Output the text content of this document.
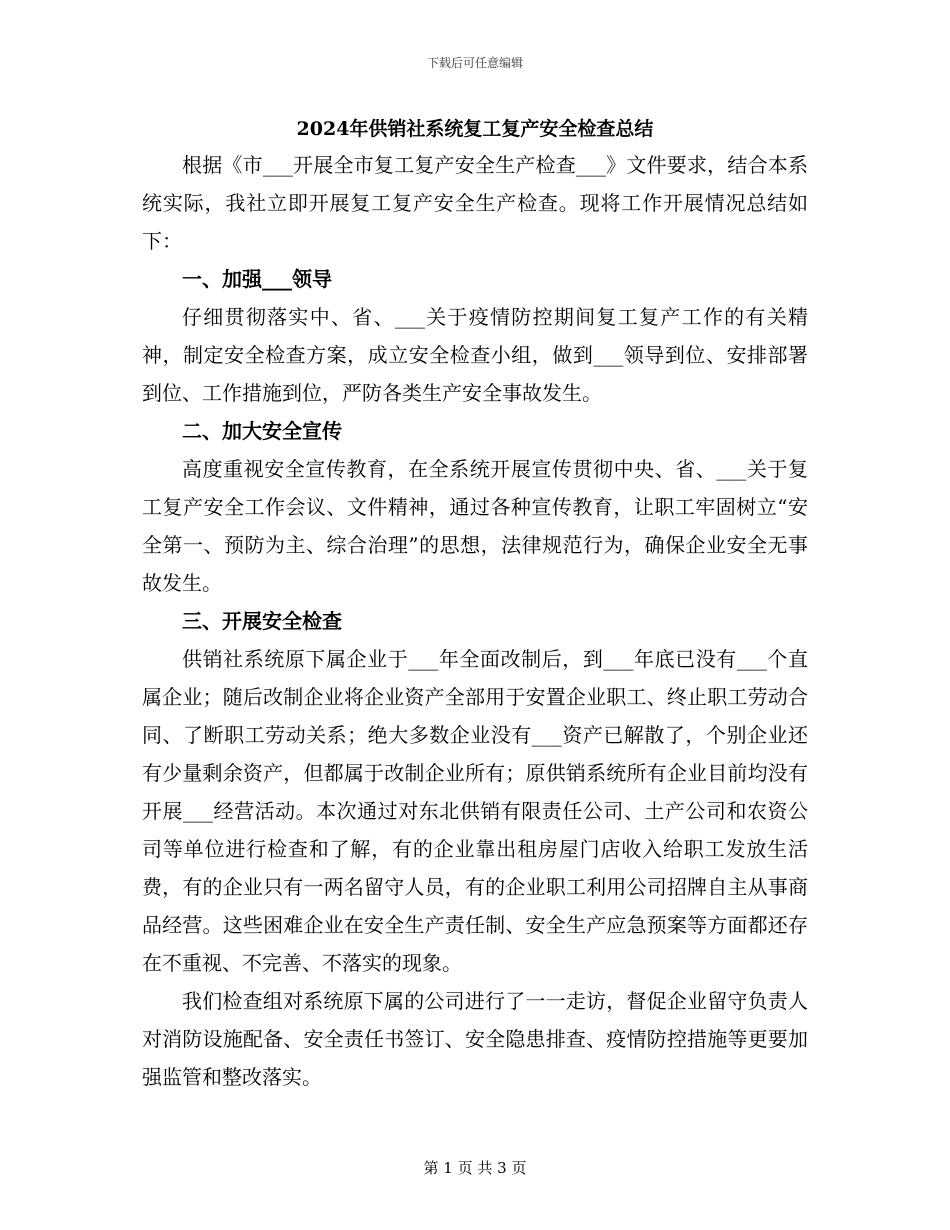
下载后可任意编辑
2024年供销社系统复工复产安全检查总结

根据《市___开展全市复工复产安全生产检查___》文件要求，结合本系统实际，我社立即开展复工复产安全生产检查。现将工作开展情况总结如下：

一、加强___领导

仔细贯彻落实中、省、___关于疫情防控期间复工复产工作的有关精神，制定安全检查方案，成立安全检查小组，做到___领导到位、安排部署到位、工作措施到位，严防各类生产安全事故发生。

二、加大安全宣传

高度重视安全宣传教育，在全系统开展宣传贯彻中央、省、___关于复工复产安全工作会议、文件精神，通过各种宣传教育，让职工牢固树立“安全第一、预防为主、综合治理”的思想，法律规范行为，确保企业安全无事故发生。

三、开展安全检查

供销社系统原下属企业于___年全面改制后，到___年底已没有___个直属企业；随后改制企业将企业资产全部用于安置企业职工、终止职工劳动合同、了断职工劳动关系；绝大多数企业没有___资产已解散了，个别企业还有少量剩余资产，但都属于改制企业所有；原供销系统所有企业目前均没有开展___经营活动。本次通过对东北供销有限责任公司、土产公司和农资公司等单位进行检查和了解，有的企业靠出租房屋门店收入给职工发放生活费，有的企业只有一两名留守人员，有的企业职工利用公司招牌自主从事商品经营。这些困难企业在安全生产责任制、安全生产应急预案等方面都还存在不重视、不完善、不落实的现象。

我们检查组对系统原下属的公司进行了一一走访，督促企业留守负责人对消防设施配备、安全责任书签订、安全隐患排查、疫情防控措施等更要加强监管和整改落实。

第 1 页 共 3 页
